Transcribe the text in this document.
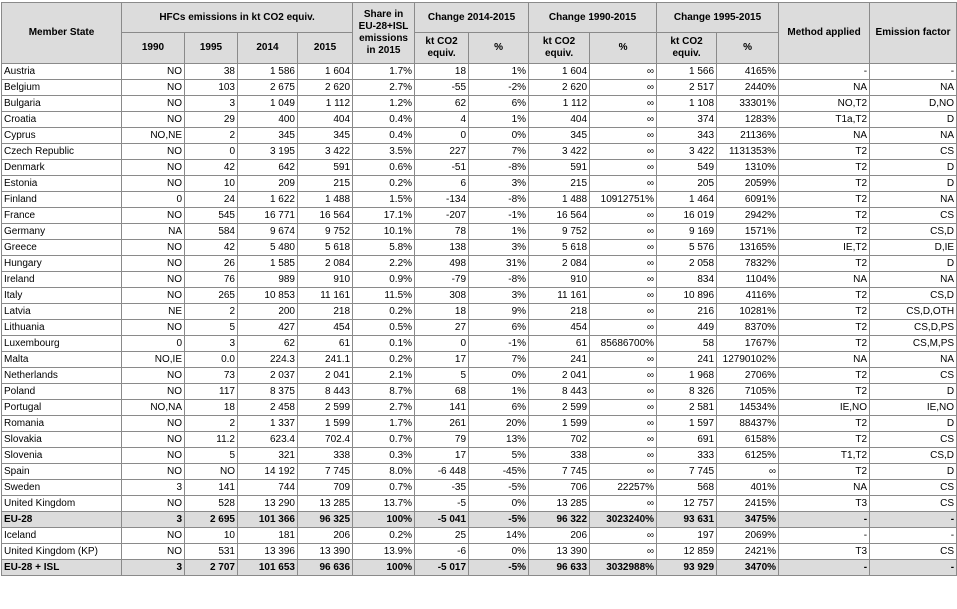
Member State	HFCs emissions in kt CO2 equiv.				Share in EU-28+ISL emissions in 2015	Change 2014-2015		Change 1990-2015		Change 1995-2015		Method applied	Emission factor
	1990	1995	2014	2015		kt CO2 equiv.	%	kt CO2 equiv.	%	kt CO2 equiv.	%		
Austria	NO	38	1 586	1 604	1.7%	18	1%	1 604	∞	1 566	4165%	-	-
Belgium	NO	103	2 675	2 620	2.7%	-55	-2%	2 620	∞	2 517	2440%	NA	NA
Bulgaria	NO	3	1 049	1 112	1.2%	62	6%	1 112	∞	1 108	33301%	NO,T2	D,NO
Croatia	NO	29	400	404	0.4%	4	1%	404	∞	374	1283%	T1a,T2	D
Cyprus	NO,NE	2	345	345	0.4%	0	0%	345	∞	343	21136%	NA	NA
Czech Republic	NO	0	3 195	3 422	3.5%	227	7%	3 422	∞	3 422	1131353%	T2	CS
Denmark	NO	42	642	591	0.6%	-51	-8%	591	∞	549	1310%	T2	D
Estonia	NO	10	209	215	0.2%	6	3%	215	∞	205	2059%	T2	D
Finland	0	24	1 622	1 488	1.5%	-134	-8%	1 488	10912751%	1 464	6091%	T2	NA
France	NO	545	16 771	16 564	17.1%	-207	-1%	16 564	∞	16 019	2942%	T2	CS
Germany	NA	584	9 674	9 752	10.1%	78	1%	9 752	∞	9 169	1571%	T2	CS,D
Greece	NO	42	5 480	5 618	5.8%	138	3%	5 618	∞	5 576	13165%	IE,T2	D,IE
Hungary	NO	26	1 585	2 084	2.2%	498	31%	2 084	∞	2 058	7832%	T2	D
Ireland	NO	76	989	910	0.9%	-79	-8%	910	∞	834	1104%	NA	NA
Italy	NO	265	10 853	11 161	11.5%	308	3%	11 161	∞	10 896	4116%	T2	CS,D
Latvia	NE	2	200	218	0.2%	18	9%	218	∞	216	10281%	T2	CS,D,OTH
Lithuania	NO	5	427	454	0.5%	27	6%	454	∞	449	8370%	T2	CS,D,PS
Luxembourg	0	3	62	61	0.1%	0	-1%	61	85686700%	58	1767%	T2	CS,M,PS
Malta	NO,IE	0.0	224.3	241.1	0.2%	17	7%	241	∞	241	12790102%	NA	NA
Netherlands	NO	73	2 037	2 041	2.1%	5	0%	2 041	∞	1 968	2706%	T2	CS
Poland	NO	117	8 375	8 443	8.7%	68	1%	8 443	∞	8 326	7105%	T2	D
Portugal	NO,NA	18	2 458	2 599	2.7%	141	6%	2 599	∞	2 581	14534%	IE,NO	IE,NO
Romania	NO	2	1 337	1 599	1.7%	261	20%	1 599	∞	1 597	88437%	T2	D
Slovakia	NO	11.2	623.4	702.4	0.7%	79	13%	702	∞	691	6158%	T2	CS
Slovenia	NO	5	321	338	0.3%	17	5%	338	∞	333	6125%	T1,T2	CS,D
Spain	NO	NO	14 192	7 745	8.0%	-6 448	-45%	7 745	∞	7 745	∞	T2	D
Sweden	3	141	744	709	0.7%	-35	-5%	706	22257%	568	401%	NA	CS
United Kingdom	NO	528	13 290	13 285	13.7%	-5	0%	13 285	∞	12 757	2415%	T3	CS
EU-28	3	2 695	101 366	96 325	100%	-5 041	-5%	96 322	3023240%	93 631	3475%	-	-
Iceland	NO	10	181	206	0.2%	25	14%	206	∞	197	2069%	-	-
United Kingdom (KP)	NO	531	13 396	13 390	13.9%	-6	0%	13 390	∞	12 859	2421%	T3	CS
EU-28 + ISL	3	2 707	101 653	96 636	100%	-5 017	-5%	96 633	3032988%	93 929	3470%	-	-
